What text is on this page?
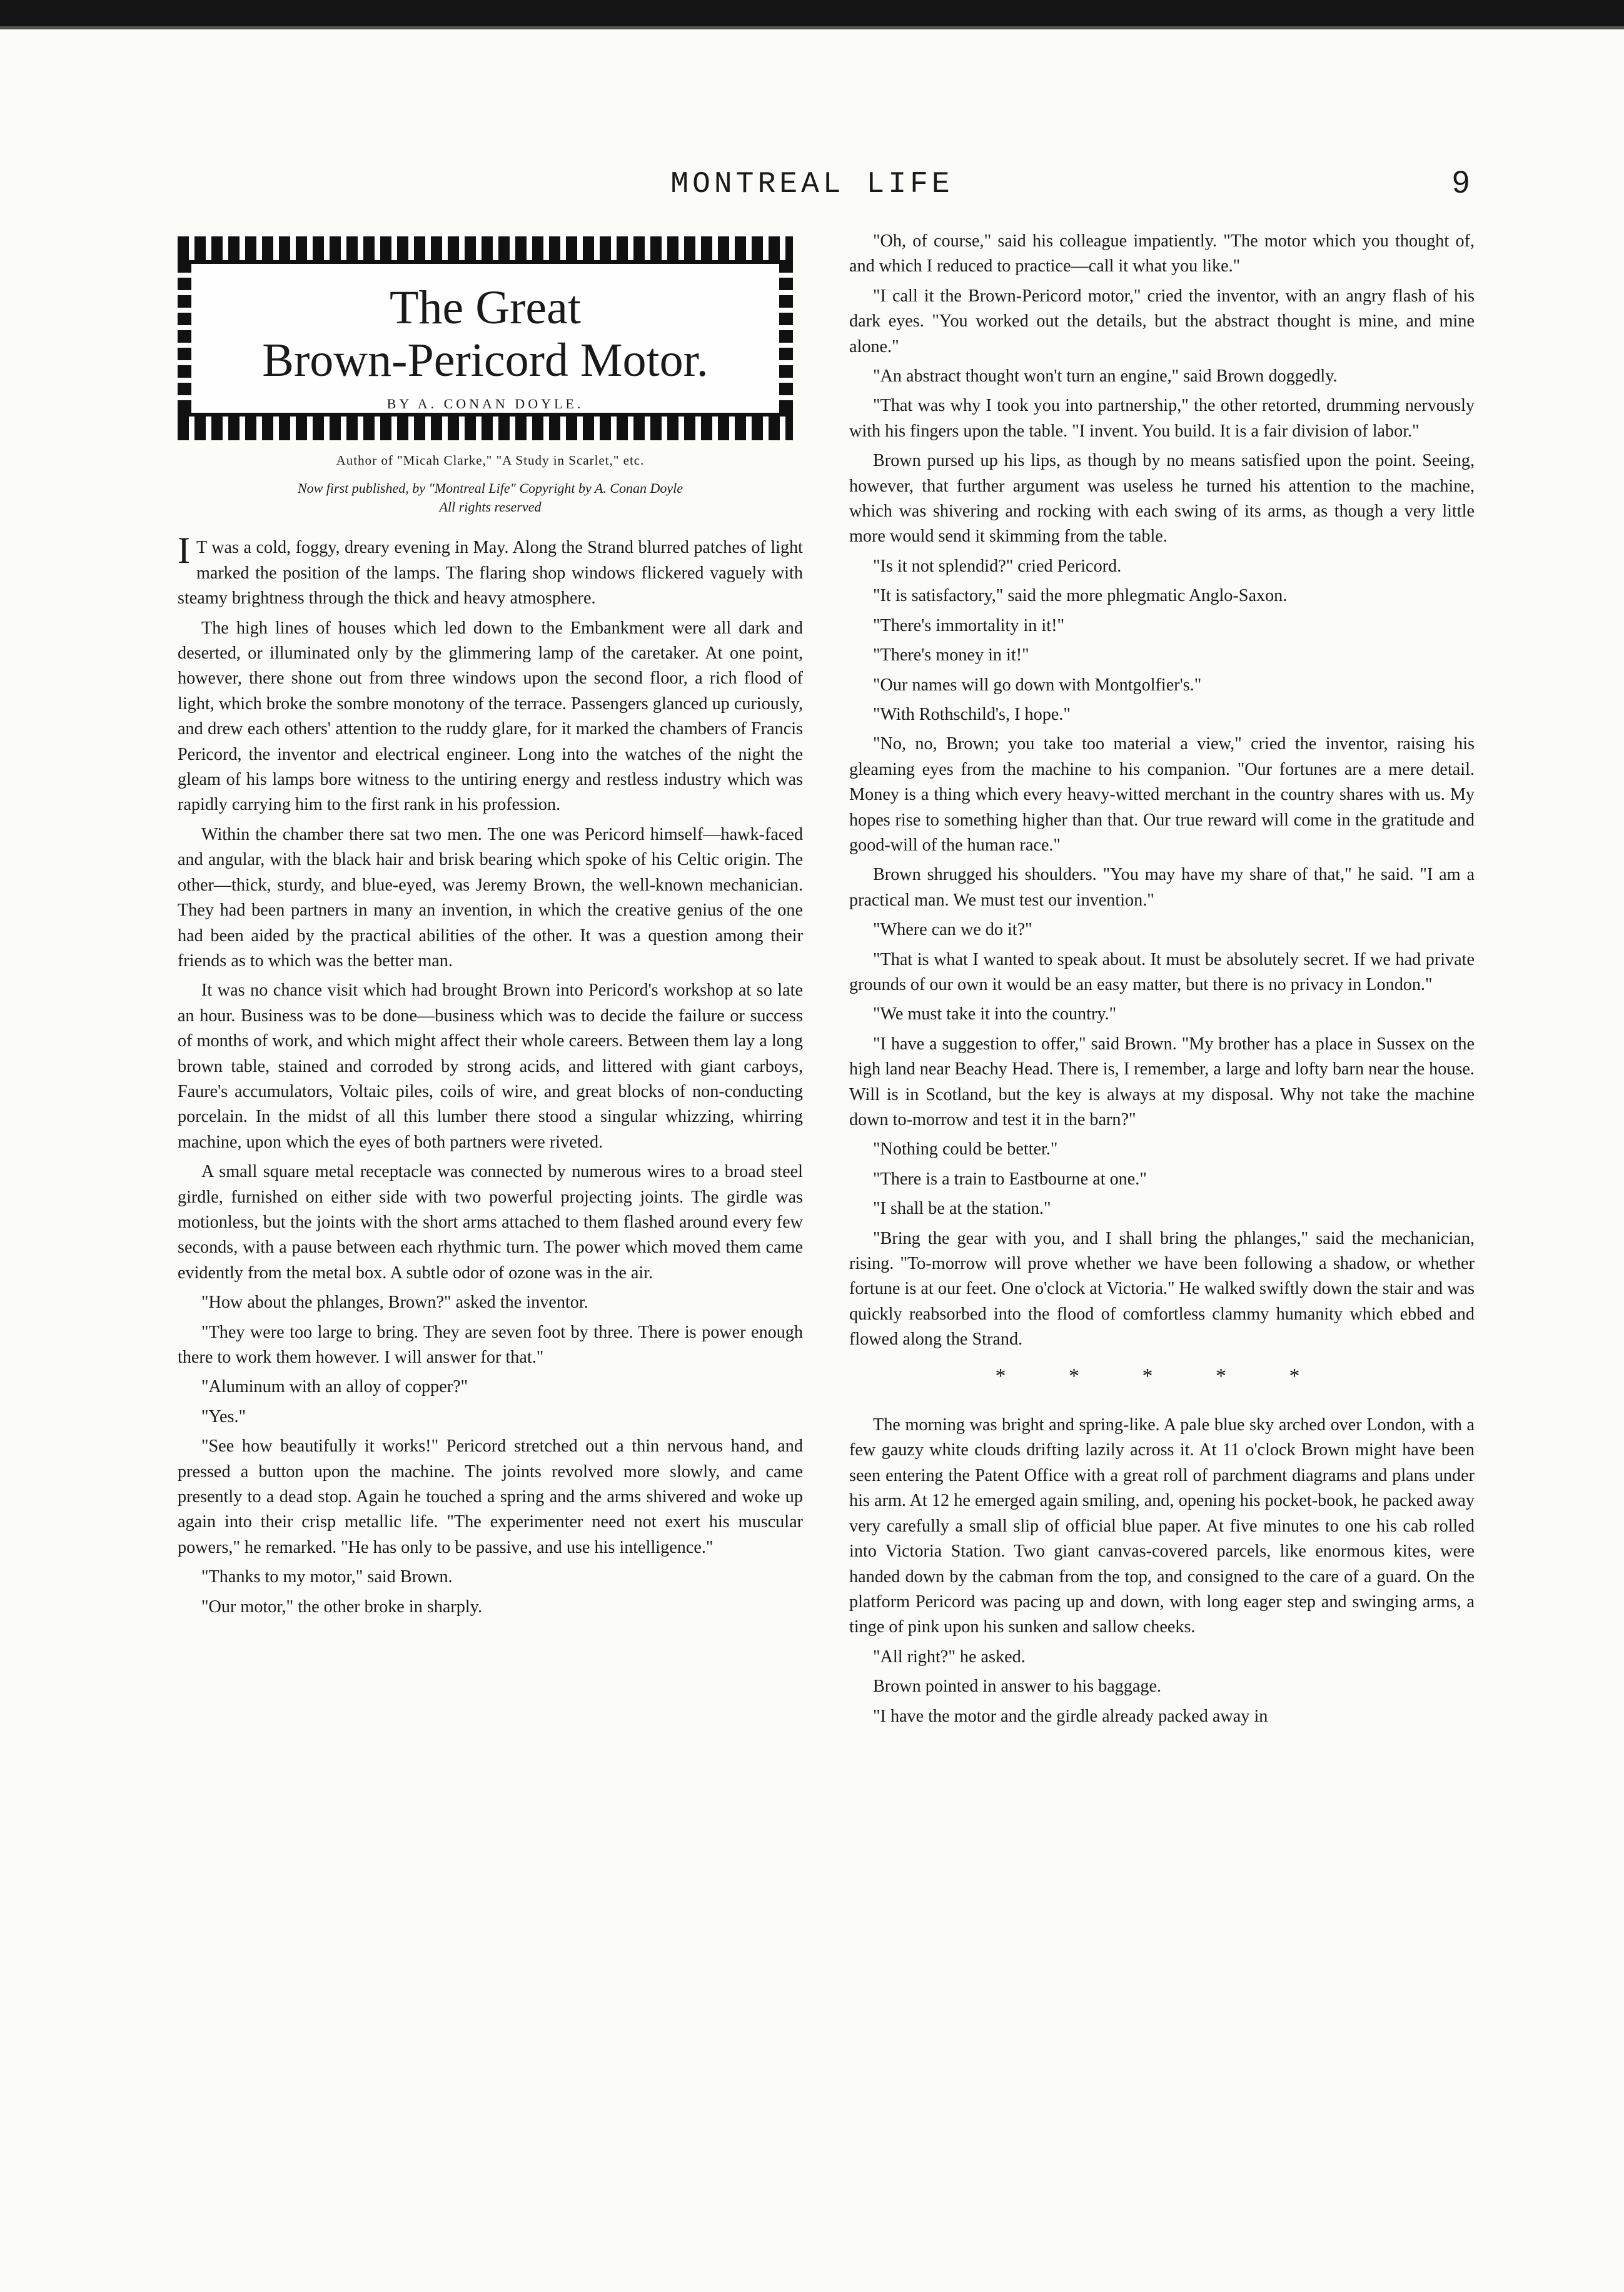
MONTREAL LIFE	9
The Great
Brown-Pericord Motor.
BY A. CONAN DOYLE.
Author of "Micah Clarke," "A Study in Scarlet," etc.
Now first published, by "Montreal Life" Copyright by A. Conan Doyle
All rights reserved

IT was a cold, foggy, dreary evening in May. Along the Strand blurred patches of light marked the position of the lamps. The flaring shop windows flickered vaguely with steamy brightness through the thick and heavy atmosphere.

The high lines of houses which led down to the Embankment were all dark and deserted, or illuminated only by the glimmering lamp of the caretaker. At one point, however, there shone out from three windows upon the second floor, a rich flood of light, which broke the sombre monotony of the terrace. Passengers glanced up curiously, and drew each others' attention to the ruddy glare, for it marked the chambers of Francis Pericord, the inventor and electrical engineer. Long into the watches of the night the gleam of his lamps bore witness to the untiring energy and restless industry which was rapidly carrying him to the first rank in his profession.

Within the chamber there sat two men. The one was Pericord himself—hawk-faced and angular, with the black hair and brisk bearing which spoke of his Celtic origin. The other—thick, sturdy, and blue-eyed, was Jeremy Brown, the well-known mechanician. They had been partners in many an invention, in which the creative genius of the one had been aided by the practical abilities of the other. It was a question among their friends as to which was the better man.

It was no chance visit which had brought Brown into Pericord's workshop at so late an hour. Business was to be done—business which was to decide the failure or success of months of work, and which might affect their whole careers. Between them lay a long brown table, stained and corroded by strong acids, and littered with giant carboys, Faure's accumulators, Voltaic piles, coils of wire, and great blocks of non-conducting porcelain. In the midst of all this lumber there stood a singular whizzing, whirring machine, upon which the eyes of both partners were riveted.

A small square metal receptacle was connected by numerous wires to a broad steel girdle, furnished on either side with two powerful projecting joints. The girdle was motionless, but the joints with the short arms attached to them flashed around every few seconds, with a pause between each rhythmic turn. The power which moved them came evidently from the metal box. A subtle odor of ozone was in the air.

"How about the phlanges, Brown?" asked the inventor.

"They were too large to bring. They are seven foot by three. There is power enough there to work them however. I will answer for that."

"Aluminum with an alloy of copper?"

"Yes."

"See how beautifully it works!" Pericord stretched out a thin nervous hand, and pressed a button upon the machine. The joints revolved more slowly, and came presently to a dead stop. Again he touched a spring and the arms shivered and woke up again into their crisp metallic life. "The experimenter need not exert his muscular powers," he remarked. "He has only to be passive, and use his intelligence."

"Thanks to my motor," said Brown.

"Our motor," the other broke in sharply.

"Oh, of course," said his colleague impatiently. "The motor which you thought of, and which I reduced to practice—call it what you like."

"I call it the Brown-Pericord motor," cried the inventor, with an angry flash of his dark eyes. "You worked out the details, but the abstract thought is mine, and mine alone."

"An abstract thought won't turn an engine," said Brown doggedly.

"That was why I took you into partnership," the other retorted, drumming nervously with his fingers upon the table. "I invent. You build. It is a fair division of labor."

Brown pursed up his lips, as though by no means satisfied upon the point. Seeing, however, that further argument was useless he turned his attention to the machine, which was shivering and rocking with each swing of its arms, as though a very little more would send it skimming from the table.

"Is it not splendid?" cried Pericord.

"It is satisfactory," said the more phlegmatic Anglo-Saxon.

"There's immortality in it!"

"There's money in it!"

"Our names will go down with Montgolfier's."

"With Rothschild's, I hope."

"No, no, Brown; you take too material a view," cried the inventor, raising his gleaming eyes from the machine to his companion. "Our fortunes are a mere detail. Money is a thing which every heavy-witted merchant in the country shares with us. My hopes rise to something higher than that. Our true reward will come in the gratitude and good-will of the human race."

Brown shrugged his shoulders. "You may have my share of that," he said. "I am a practical man. We must test our invention."

"Where can we do it?"

"That is what I wanted to speak about. It must be absolutely secret. If we had private grounds of our own it would be an easy matter, but there is no privacy in London."

"We must take it into the country."

"I have a suggestion to offer," said Brown. "My brother has a place in Sussex on the high land near Beachy Head. There is, I remember, a large and lofty barn near the house. Will is in Scotland, but the key is always at my disposal. Why not take the machine down to-morrow and test it in the barn?"

"Nothing could be better."

"There is a train to Eastbourne at one."

"I shall be at the station."

"Bring the gear with you, and I shall bring the phlanges," said the mechanician, rising. "To-morrow will prove whether we have been following a shadow, or whether fortune is at our feet. One o'clock at Victoria." He walked swiftly down the stair and was quickly reabsorbed into the flood of comfortless clammy humanity which ebbed and flowed along the Strand.

* * * * *

The morning was bright and spring-like. A pale blue sky arched over London, with a few gauzy white clouds drifting lazily across it. At 11 o'clock Brown might have been seen entering the Patent Office with a great roll of parchment diagrams and plans under his arm. At 12 he emerged again smiling, and, opening his pocket-book, he packed away very carefully a small slip of official blue paper. At five minutes to one his cab rolled into Victoria Station. Two giant canvas-covered parcels, like enormous kites, were handed down by the cabman from the top, and consigned to the care of a guard. On the platform Pericord was pacing up and down, with long eager step and swinging arms, a tinge of pink upon his sunken and sallow cheeks.

"All right?" he asked.

Brown pointed in answer to his baggage.

"I have the motor and the girdle already packed away in
